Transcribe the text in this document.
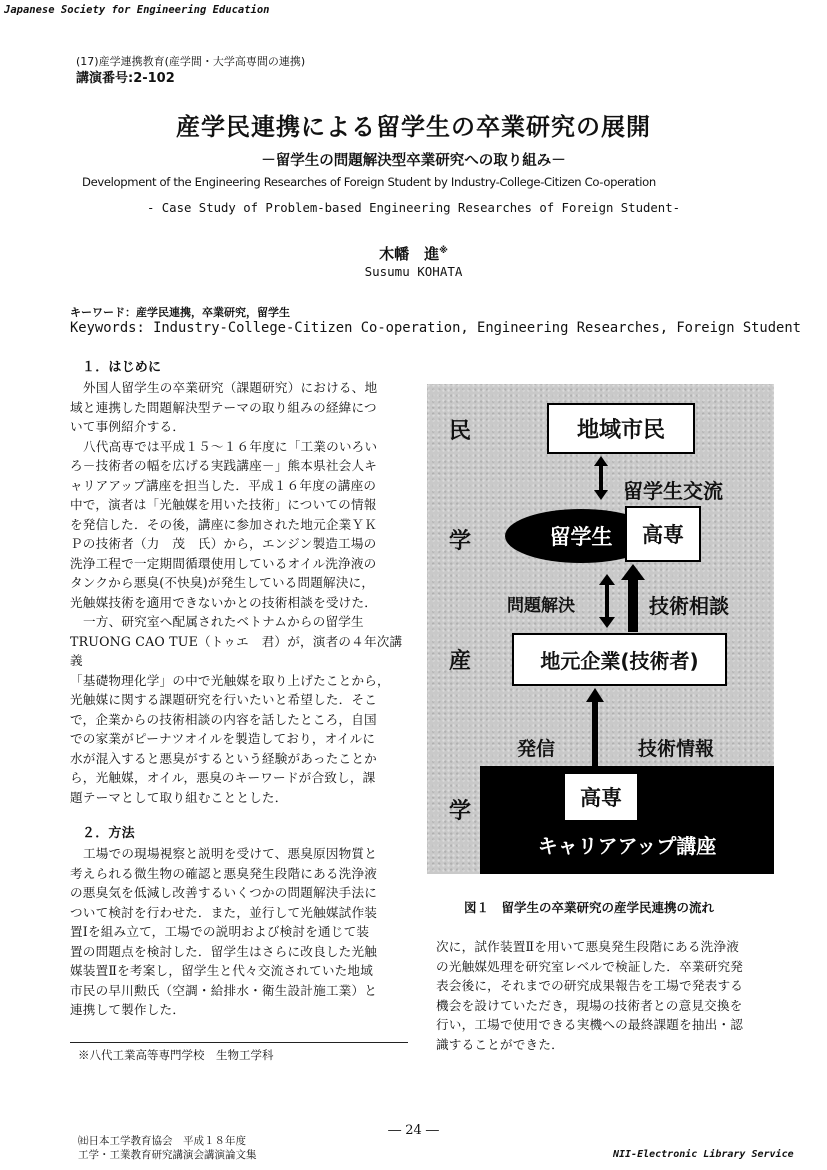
Japanese Society for Engineering Education
(17)産学連携教育(産学間・大学高専間の連携)
講演番号:2-102
産学民連携による留学生の卒業研究の展開
－留学生の問題解決型卒業研究への取り組み－
Development of the Engineering Researches of Foreign Student by Industry-College-Citizen Co-operation
- Case Study of Problem-based Engineering Researches of Foreign Student-
木幡　進※
Susumu KOHATA
キーワード：産学民連携，卒業研究，留学生
Keywords: Industry-College-Citizen Co-operation, Engineering Researches, Foreign Student
１．はじめに
外国人留学生の卒業研究（課題研究）における、地
域と連携した問題解決型テーマの取り組みの経緯につ
いて事例紹介する．
八代高専では平成１５～１６年度に「工業のいろい
ろ－技術者の幅を広げる実践講座－」熊本県社会人キ
ャリアアップ講座を担当した．平成１６年度の講座の
中で，演者は「光触媒を用いた技術」についての情報
を発信した．その後，講座に参加された地元企業ＹＫ
Ｐの技術者（力　茂　氏）から，エンジン製造工場の
洗浄工程で一定期間循環使用しているオイル洗浄液の
タンクから悪臭(不快臭)が発生している問題解決に，
光触媒技術を適用できないかとの技術相談を受けた．
一方、研究室へ配属されたベトナムからの留学生
TRUONG CAO TUE（トゥエ　君）が，演者の４年次講義
「基礎物理化学」の中で光触媒を取り上げたことから，
光触媒に関する課題研究を行いたいと希望した．そこ
で，企業からの技術相談の内容を話したところ，自国
での家業がピーナツオイルを製造しており，オイルに
水が混入すると悪臭がするという経験があったことか
ら，光触媒，オイル，悪臭のキーワードが合致し，課
題テーマとして取り組むこととした．
２．方法
工場での現場視察と説明を受けて、悪臭原因物質と
考えられる微生物の確認と悪臭発生段階にある洗浄液
の悪臭気を低減し改善するいくつかの問題解決手法に
ついて検討を行わせた．また，並行して光触媒試作装
置Ⅰを組み立て，工場での説明および検討を通じて装
置の問題点を検討した．留学生はさらに改良した光触
媒装置Ⅱを考案し，留学生と代々交流されていた地域
市民の早川勲氏（空調・給排水・衛生設計施工業）と
連携して製作した．
※八代工業高等専門学校　生物工学科
民
学
産
学
地域市民
留学生交流
留学生	高専
問題解決	技術相談
地元企業(技術者)
発信	技術情報
高専
キャリアアップ講座
図１　留学生の卒業研究の産学民連携の流れ
次に，試作装置Ⅱを用いて悪臭発生段階にある洗浄液
の光触媒処理を研究室レベルで検証した．卒業研究発
表会後に，それまでの研究成果報告を工場で発表する
機会を設けていただき，現場の技術者との意見交換を
行い，工場で使用できる実機への最終課題を抽出・認
識することができた．
― 24 ―
㈳日本工学教育協会　平成１８年度
工学・工業教育研究講演会講演論文集	NII-Electronic Library Service
